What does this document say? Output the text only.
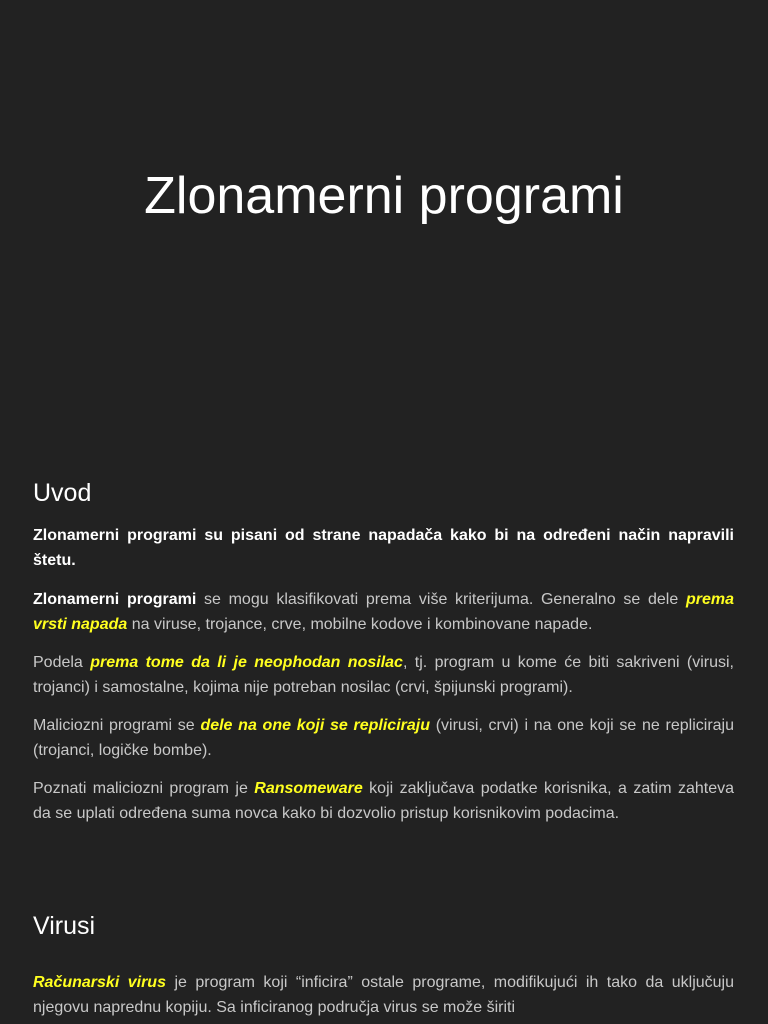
Zlonamerni programi
Uvod

Zlonamerni programi su pisani od strane napadača kako bi na određeni način napravili štetu.

Zlonamerni programi se mogu klasifikovati prema više kriterijuma. Generalno se dele prema vrsti napada na viruse, trojance, crve, mobilne kodove i kombinovane napade.

Podela prema tome da li je neophodan nosilac, tj. program u kome će biti sakriveni (virusi, trojanci) i samostalne, kojima nije potreban nosilac (crvi, špijunski programi).

Maliciozni programi se dele na one koji se repliciraju (virusi, crvi) i na one koji se ne repliciraju (trojanci, logičke bombe).

Poznati maliciozni program je Ransomeware koji zaključava podatke korisnika, a zatim zahteva da se uplati određena suma novca kako bi dozvolio pristup korisnikovim podacima.

Virusi

Računarski virus je program koji “inficira” ostale programe, modifikujući ih tako da uključuju njegovu naprednu kopiju. Sa inficiranog područja virus se može širiti
